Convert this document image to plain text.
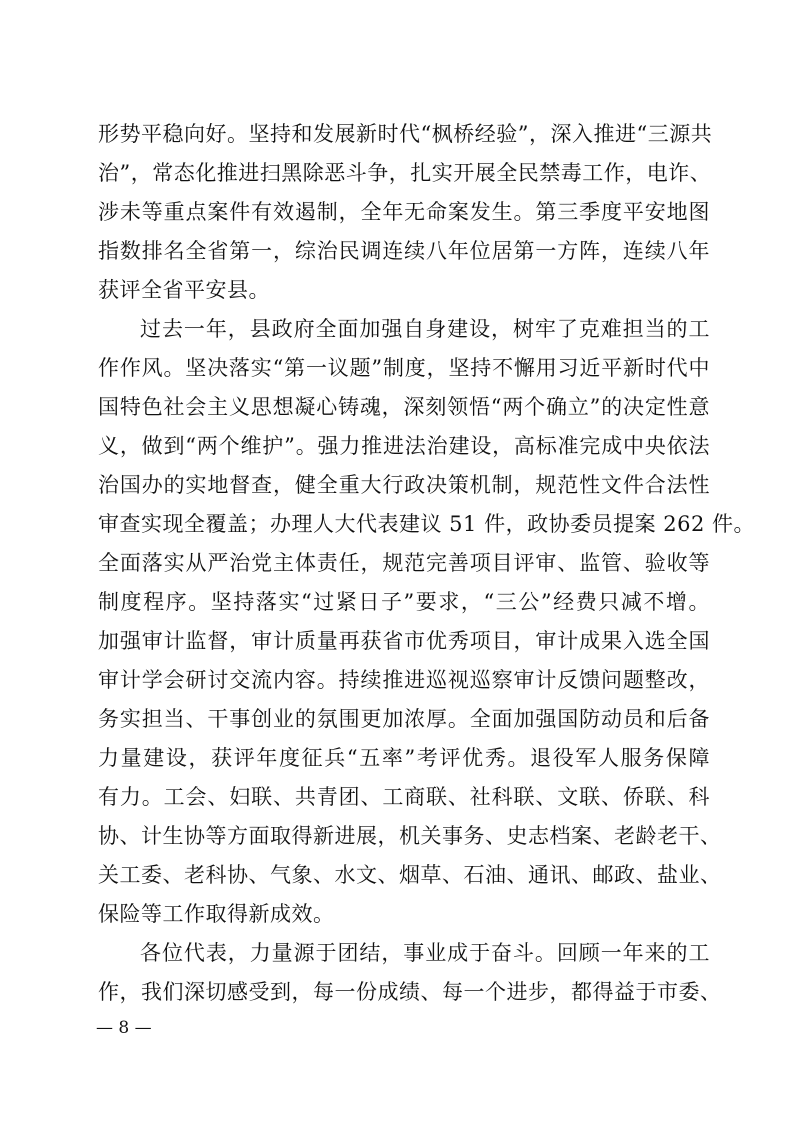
形势平稳向好。坚持和发展新时代“枫桥经验”，深入推进“三源共
治”，常态化推进扫黑除恶斗争，扎实开展全民禁毒工作，电诈、
涉未等重点案件有效遏制，全年无命案发生。第三季度平安地图
指数排名全省第一，综治民调连续八年位居第一方阵，连续八年
获评全省平安县。
过去一年，县政府全面加强自身建设，树牢了克难担当的工
作作风。坚决落实“第一议题”制度，坚持不懈用习近平新时代中
国特色社会主义思想凝心铸魂，深刻领悟“两个确立”的决定性意
义，做到“两个维护”。强力推进法治建设，高标准完成中央依法
治国办的实地督查，健全重大行政决策机制，规范性文件合法性
审查实现全覆盖；办理人大代表建议 51 件，政协委员提案 262 件。
全面落实从严治党主体责任，规范完善项目评审、监管、验收等
制度程序。坚持落实“过紧日子”要求，“三公”经费只减不增。
加强审计监督，审计质量再获省市优秀项目，审计成果入选全国
审计学会研讨交流内容。持续推进巡视巡察审计反馈问题整改，
务实担当、干事创业的氛围更加浓厚。全面加强国防动员和后备
力量建设，获评年度征兵“五率”考评优秀。退役军人服务保障
有力。工会、妇联、共青团、工商联、社科联、文联、侨联、科
协、计生协等方面取得新进展，机关事务、史志档案、老龄老干、
关工委、老科协、气象、水文、烟草、石油、通讯、邮政、盐业、
保险等工作取得新成效。
各位代表，力量源于团结，事业成于奋斗。回顾一年来的工
作，我们深切感受到，每一份成绩、每一个进步，都得益于市委、
— 8 —
